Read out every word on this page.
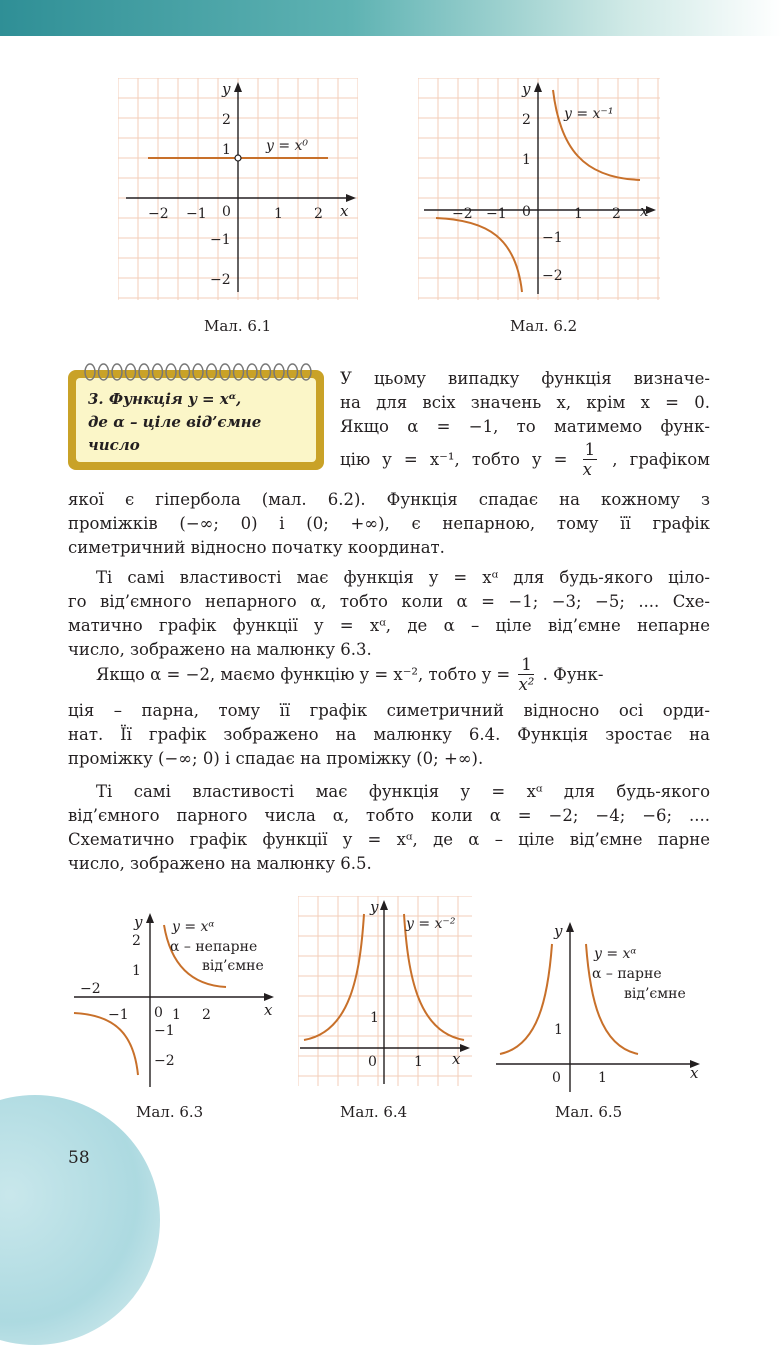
y
x
2
1
−1
−2
−2 −1 0	1 2
y = x⁰
Мал. 6.1
y
x
2
1
−1
−2
−2 −1 0	1 2
y = x⁻¹
Мал. 6.2
3. Функція y = xᵅ,
де α – ціле від’ємне
число
У цьому випадку функція визначе-
на для всіх значень x, крім x = 0.
Якщо α = −1, то матимемо функ-
цію y = x⁻¹, тобто $y = \frac{1}{x}$ , графіком
якої є гіпербола (мал. 6.2). Функція спадає на кожному з
проміжків (−∞; 0) і (0; +∞), є непарною, тому її графік
симетричний відносно початку координат.
Ті самі властивості має функція y = xᵅ для будь-якого ціло-
го від’ємного непарного α, тобто коли α = −1; −3; −5; .... Схе-
матично графік функції y = xᵅ, де α – ціле від’ємне непарне
число, зображено на малюнку 6.3.
Якщо α = −2, маємо функцію y = x⁻², тобто $y = \frac{1}{\text{x²}}$ . Функ-
ція – парна, тому її графік симетричний відносно осі орди-
нат. Її графік зображено на малюнку 6.4. Функція зростає на
проміжку (−∞; 0) і спадає на проміжку (0; +∞).
Ті самі властивості має функція y = xᵅ для будь-якого
від’ємного парного числа α, тобто коли α = −2; −4; −6; ....
Схематично графік функції y = xᵅ, де α – ціле від’ємне парне
число, зображено на малюнку 6.5.
y
x
2
1
−1
−2
−2
−1 0 1 2
y = xᵅ
α – непарне
від’ємне
Мал. 6.3
y
x
1
0	1
y = x⁻²
Мал. 6.4
y
x
1
0	1
y = xᵅ
α – парне
від’ємне
Мал. 6.5
58
